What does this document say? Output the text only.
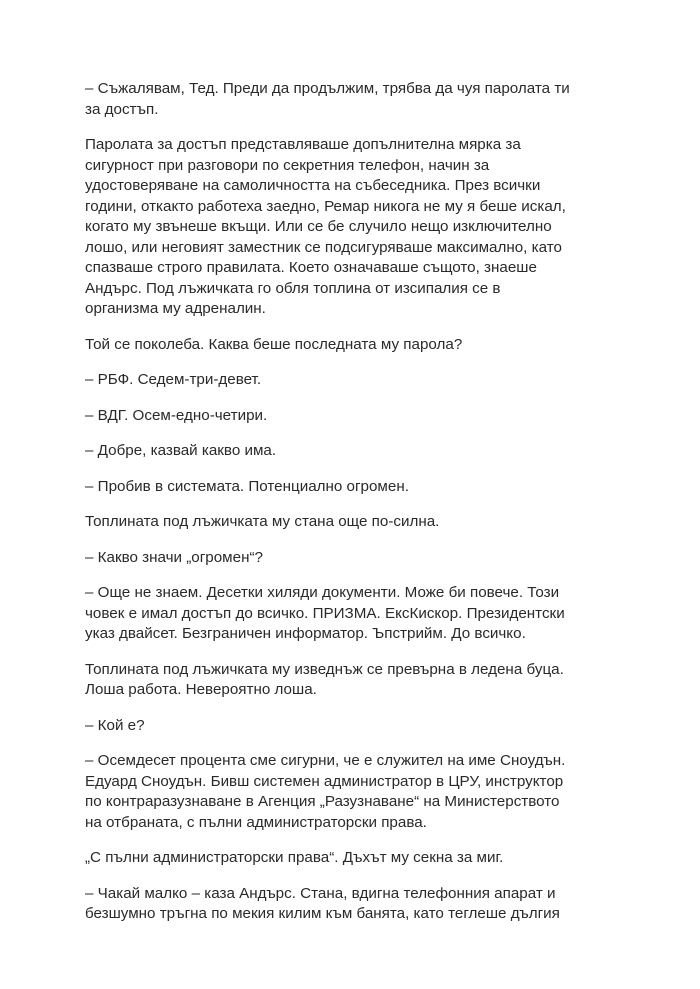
– Съжалявам, Тед. Преди да продължим, трябва да чуя паролата ти
за достъп.

Паролата за достъп представляваше допълнителна мярка за
сигурност при разговори по секретния телефон, начин за
удостоверяване на самоличността на събеседника. През всички
години, откакто работеха заедно, Ремар никога не му я беше искал,
когато му звънеше вкъщи. Или се бе случило нещо изключително
лошо, или неговият заместник се подсигуряваше максимално, като
спазваше строго правилата. Което означаваше същото, знаеше
Андърс. Под лъжичката го обля топлина от изсипалия се в
организма му адреналин.

Той се поколеба. Каква беше последната му парола?

– РБФ. Седем-три-девет.

– ВДГ. Осем-едно-четири.

– Добре, казвай какво има.

– Пробив в системата. Потенциално огромен.

Топлината под лъжичката му стана още по-силна.

– Какво значи „огромен“?

– Още не знаем. Десетки хиляди документи. Може би повече. Този
човек е имал достъп до всичко. ПРИЗМА. ЕксКискор. Президентски
указ двайсет. Безграничен информатор. Ъпстрийм. До всичко.

Топлината под лъжичката му изведнъж се превърна в ледена буца.
Лоша работа. Невероятно лоша.

– Кой е?

– Осемдесет процента сме сигурни, че е служител на име Сноудън.
Едуард Сноудън. Бивш системен администратор в ЦРУ, инструктор
по контраразузнаване в Агенция „Разузнаване“ на Министерството
на отбраната, с пълни администраторски права.

„С пълни администраторски права“. Дъхът му секна за миг.

– Чакай малко – каза Андърс. Стана, вдигна телефонния апарат и
безшумно тръгна по мекия килим към банята, като теглеше дългия
